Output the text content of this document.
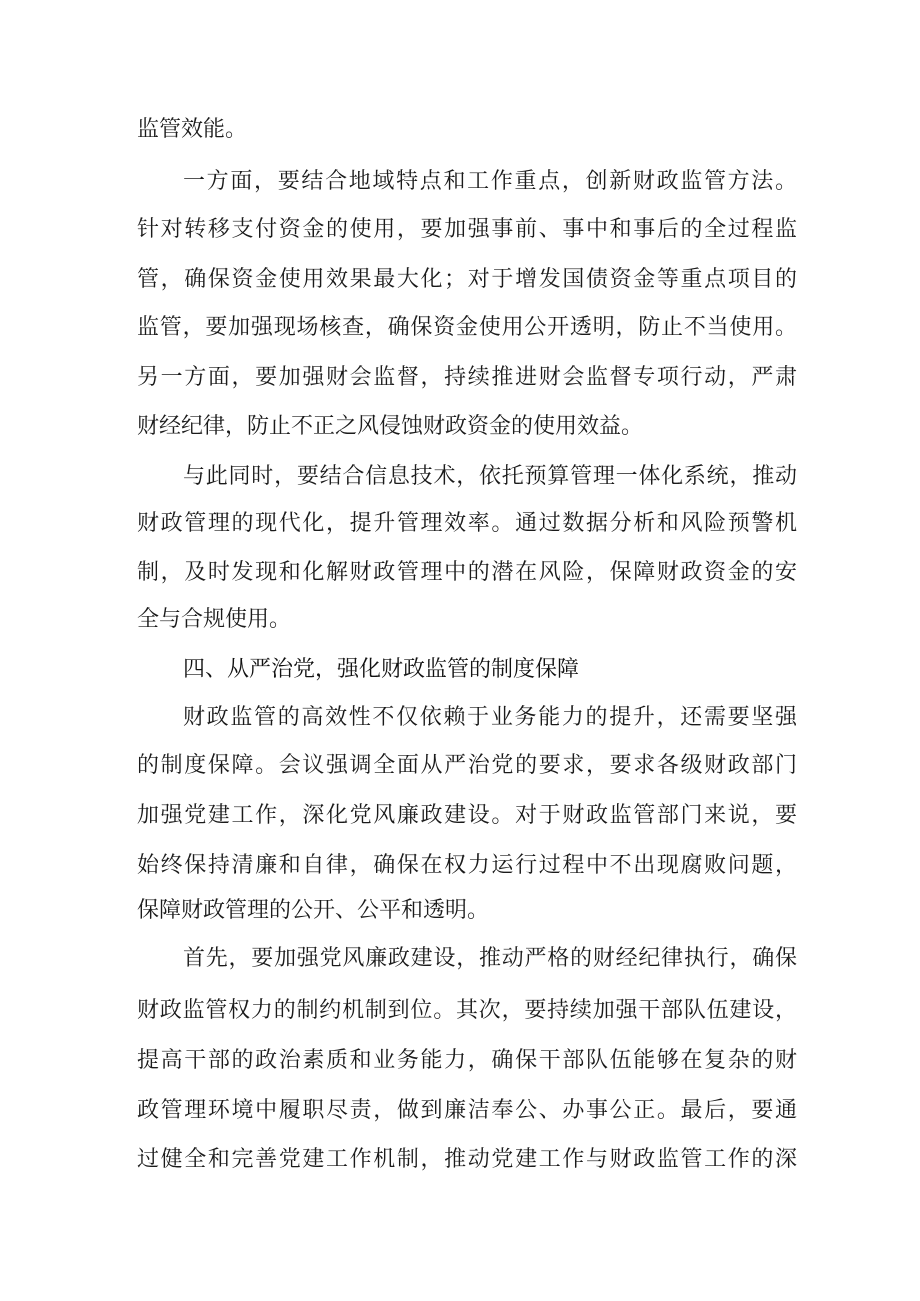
监管效能。

一方面，要结合地域特点和工作重点，创新财政监管方法。

针对转移支付资金的使用，要加强事前、事中和事后的全过程监

管，确保资金使用效果最大化；对于增发国债资金等重点项目的

监管，要加强现场核查，确保资金使用公开透明，防止不当使用。

另一方面，要加强财会监督，持续推进财会监督专项行动，严肃

财经纪律，防止不正之风侵蚀财政资金的使用效益。

与此同时，要结合信息技术，依托预算管理一体化系统，推动

财政管理的现代化，提升管理效率。通过数据分析和风险预警机

制，及时发现和化解财政管理中的潜在风险，保障财政资金的安

全与合规使用。

四、从严治党，强化财政监管的制度保障

财政监管的高效性不仅依赖于业务能力的提升，还需要坚强

的制度保障。会议强调全面从严治党的要求，要求各级财政部门

加强党建工作，深化党风廉政建设。对于财政监管部门来说，要

始终保持清廉和自律，确保在权力运行过程中不出现腐败问题，

保障财政管理的公开、公平和透明。

首先，要加强党风廉政建设，推动严格的财经纪律执行，确保

财政监管权力的制约机制到位。其次，要持续加强干部队伍建设，

提高干部的政治素质和业务能力，确保干部队伍能够在复杂的财

政管理环境中履职尽责，做到廉洁奉公、办事公正。最后，要通

过健全和完善党建工作机制，推动党建工作与财政监管工作的深
